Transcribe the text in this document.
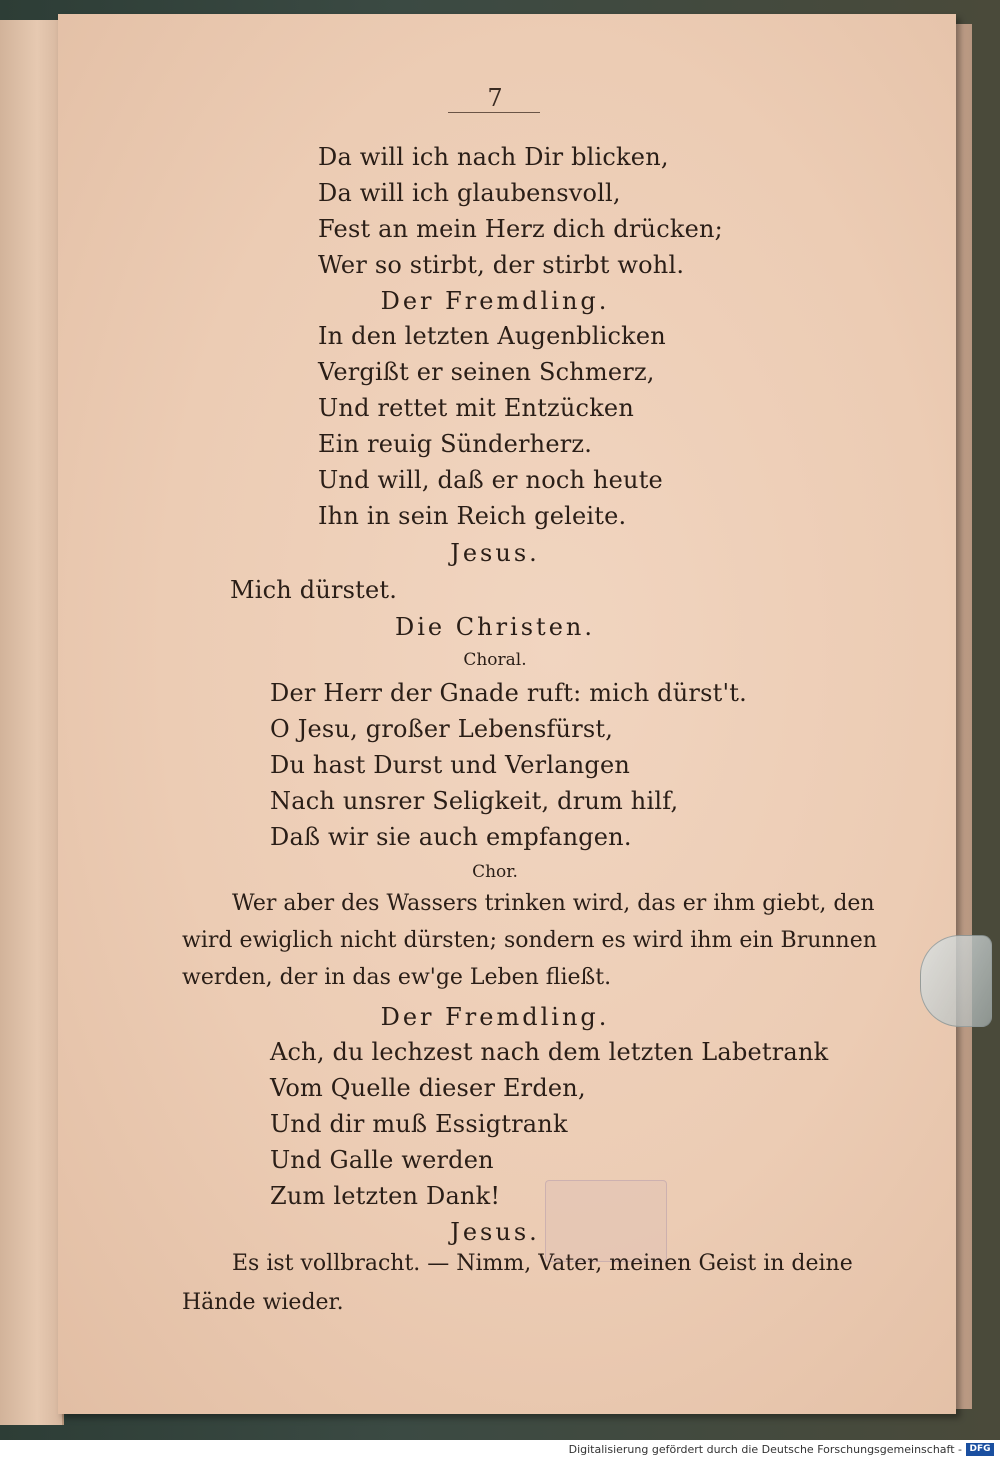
7
Da will ich nach Dir blicken,
Da will ich glaubensvoll,
Fest an mein Herz dich drücken;
Wer so stirbt, der stirbt wohl.
Der Fremdling.
In den letzten Augenblicken
Vergißt er seinen Schmerz,
Und rettet mit Entzücken
Ein reuig Sünderherz.
Und will, daß er noch heute
Ihn in sein Reich geleite.
Jesus.
Mich dürstet.
Die Christen.
Choral.
Der Herr der Gnade ruft: mich dürst't.
O Jesu, großer Lebensfürst,
Du hast Durst und Verlangen
Nach unsrer Seligkeit, drum hilf,
Daß wir sie auch empfangen.
Chor.
Wer aber des Wassers trinken wird, das er ihm giebt, den
wird ewiglich nicht dürsten; sondern es wird ihm ein Brunnen
werden, der in das ew'ge Leben fließt.
Der Fremdling.
Ach, du lechzest nach dem letzten Labetrank
Vom Quelle dieser Erden,
Und dir muß Essigtrank
Und Galle werden
Zum letzten Dank!
Jesus.
Es ist vollbracht. — Nimm, Vater, meinen Geist in deine
Hände wieder.
Digitalisierung gefördert durch die Deutsche Forschungsgemeinschaft - DFG
